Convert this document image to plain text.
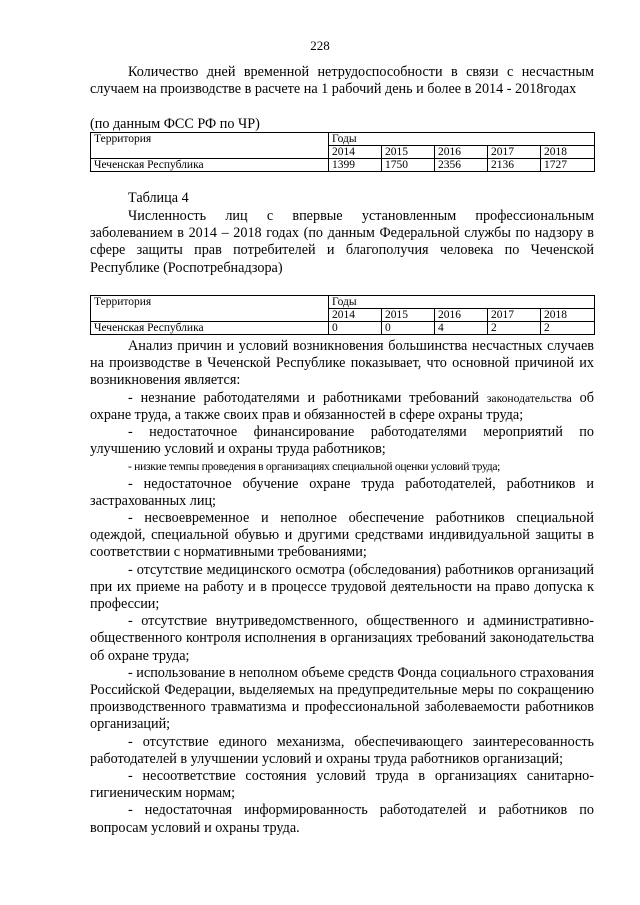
228
Количество дней временной нетрудоспособности в связи с несчастным случаем на производстве в расчете на 1 рабочий день и более в 2014 - 2018годах
(по данным ФСС РФ по ЧР)
Территория	Годы				
	2014	2015	2016	2017	2018
Чеченская Республика	1399	1750	2356	2136	1727
Таблица 4
Численность лиц с впервые установленным профессиональным заболеванием в 2014 – 2018 годах (по данным Федеральной службы по надзору в сфере защиты прав потребителей и благополучия человека по Чеченской Республике (Роспотребнадзора)
Территория	Годы				
	2014	2015	2016	2017	2018
Чеченская Республика	0	0	4	2	2
Анализ причин и условий возникновения большинства несчастных случаев на производстве в Чеченской Республике показывает, что основной причиной их возникновения является:
- незнание работодателями и работниками требований законодательства об охране труда, а также своих прав и обязанностей в сфере охраны труда;
- недостаточное финансирование работодателями мероприятий по улучшению условий и охраны труда работников;
- низкие темпы проведения в организациях специальной оценки условий труда;
- недостаточное обучение охране труда работодателей, работников и застрахованных лиц;
- несвоевременное и неполное обеспечение работников специальной одеждой, специальной обувью и другими средствами индивидуальной защиты в соответствии с нормативными требованиями;
- отсутствие медицинского осмотра (обследования) работников организаций при их приеме на работу и в процессе трудовой деятельности на право допуска к профессии;
- отсутствие внутриведомственного, общественного и административно-общественного контроля исполнения в организациях требований законодательства об охране труда;
- использование в неполном объеме средств Фонда социального страхования Российской Федерации, выделяемых на предупредительные меры по сокращению производственного травматизма и профессиональной заболеваемости работников организаций;
- отсутствие единого механизма, обеспечивающего заинтересованность работодателей в улучшении условий и охраны труда работников организаций;
- несоответствие состояния условий труда в организациях санитарно-гигиеническим нормам;
- недостаточная информированность работодателей и работников по вопросам условий и охраны труда.
